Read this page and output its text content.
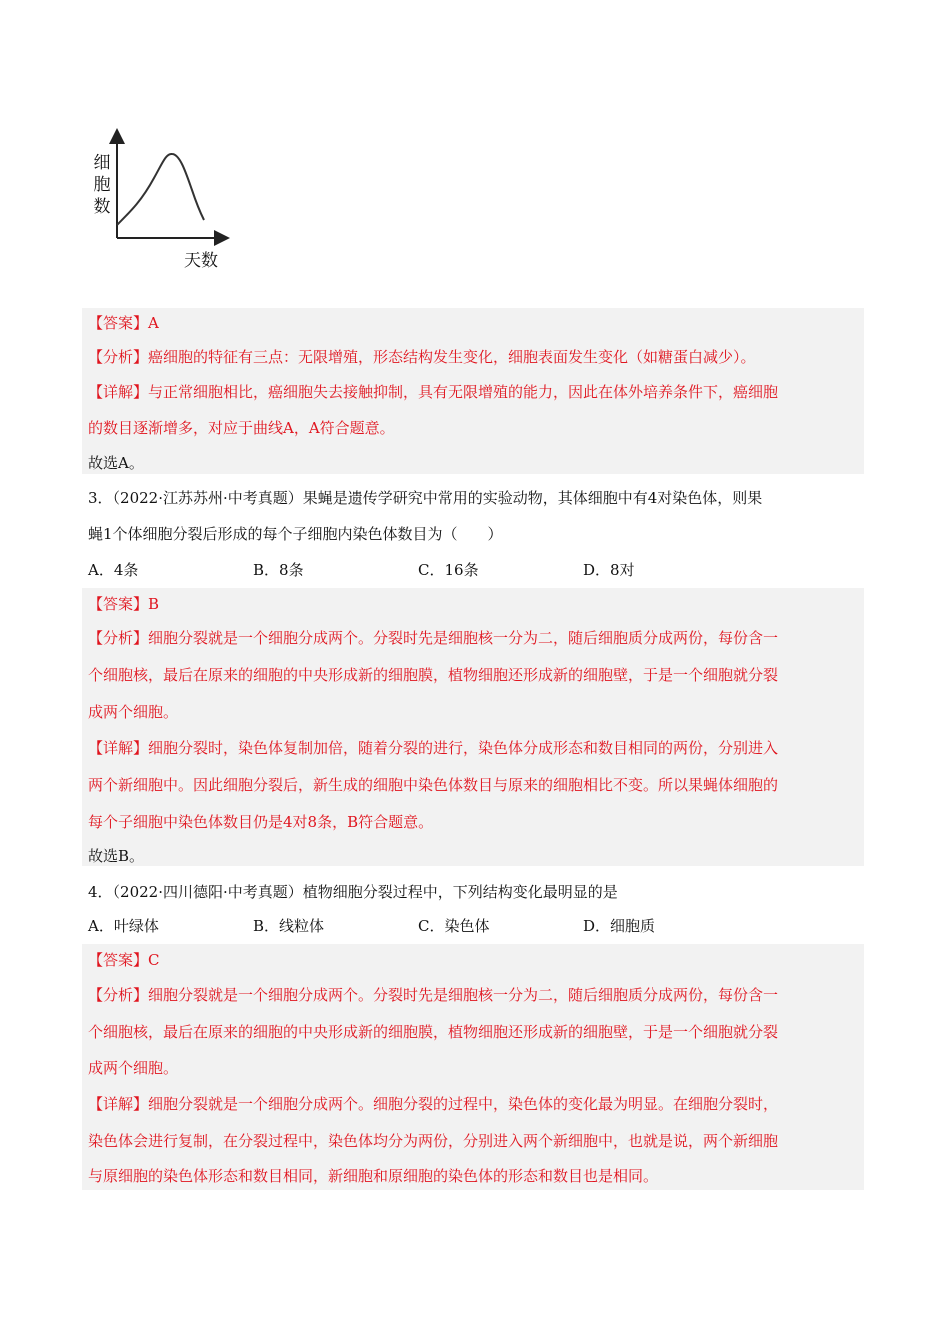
细
胞
数
天数
【答案】A
【分析】癌细胞的特征有三点：无限增殖，形态结构发生变化，细胞表面发生变化（如糖蛋白减少）。
【详解】与正常细胞相比，癌细胞失去接触抑制，具有无限增殖的能力，因此在体外培养条件下，癌细胞
的数目逐渐增多，对应于曲线A，A符合题意。
故选A。
3．（2022·江苏苏州·中考真题）果蝇是遗传学研究中常用的实验动物，其体细胞中有4对染色体，则果
蝇1个体细胞分裂后形成的每个子细胞内染色体数目为（　　）
A．4条	B．8条	C．16条	D．8对
【答案】B
【分析】细胞分裂就是一个细胞分成两个。分裂时先是细胞核一分为二，随后细胞质分成两份，每份含一
个细胞核，最后在原来的细胞的中央形成新的细胞膜，植物细胞还形成新的细胞壁，于是一个细胞就分裂
成两个细胞。
【详解】细胞分裂时，染色体复制加倍，随着分裂的进行，染色体分成形态和数目相同的两份，分别进入
两个新细胞中。因此细胞分裂后，新生成的细胞中染色体数目与原来的细胞相比不变。所以果蝇体细胞的
每个子细胞中染色体数目仍是4对8条，B符合题意。
故选B。
4．（2022·四川德阳·中考真题）植物细胞分裂过程中，下列结构变化最明显的是
A．叶绿体	B．线粒体	C．染色体	D．细胞质
【答案】C
【分析】细胞分裂就是一个细胞分成两个。分裂时先是细胞核一分为二，随后细胞质分成两份，每份含一
个细胞核，最后在原来的细胞的中央形成新的细胞膜，植物细胞还形成新的细胞壁，于是一个细胞就分裂
成两个细胞。
【详解】细胞分裂就是一个细胞分成两个。细胞分裂的过程中，染色体的变化最为明显。在细胞分裂时，
染色体会进行复制，在分裂过程中，染色体均分为两份，分别进入两个新细胞中，也就是说，两个新细胞
与原细胞的染色体形态和数目相同，新细胞和原细胞的染色体的形态和数目也是相同。
